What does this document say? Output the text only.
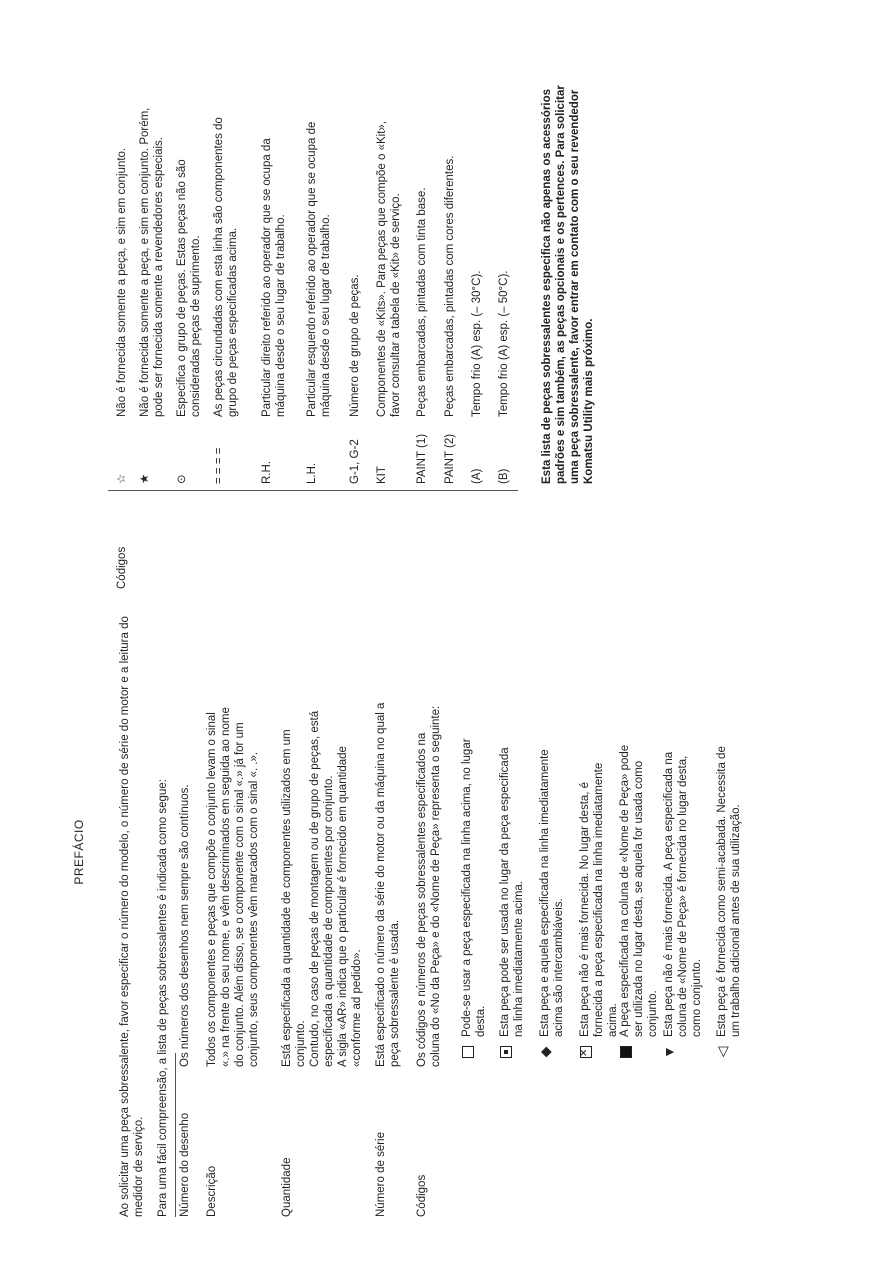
PREFÁCIO	Ao solicitar uma peça sobressalente, favor especificar o número do modelo, o número de série do motor e a leitura do medidor de serviço. Para uma fácil compreensão, a lista de peças sobressalentes é indicada como segue: Número do desenho
Os números dos desenhos nem sempre são contínuos.
Descrição
Todos os componentes e peças que compõe o conjunto levam o sinal «.» na frente do seu nome, e vêm descriminados em seguida ao nome do conjunto. Além disso, se o componente com o sinal «.» já for um conjunto, seus componentes vêm marcados com o sinal «. .».
Quantidade
Está especificada a quantidade de componentes utilizados em um conjunto. Contudo, no caso de peças de montagem ou de grupo de peças, está especificada a quantidade de componentes por conjunto. A sigla «AR» indica que o particular é fornecido em quantidade «conforme ad pedido».
Número de série
Está especificado o número da série do motor ou da máquina no qual a peça sobressalente é usada.
Códigos
Os códigos e números de peças sobressalentes especificados na coluna do «No da Peça» e do «Nome de Peça» representa o seguinte: Pode-se usar a peça especificada na linha acima, no lugar desta. Esta peça pode ser usada no lugar da peça especificada na linha imediatamente acima.
◆
Esta peça e aquela especificada na linha imediatamente acima são intercambiáveis.
✕ Esta peça não é mais fornecida. No lugar desta, é fornecida a peça especificada na linha imediatamente acima. A peça especificada na coluna de «Nome de Peça» pode ser utilizada no lugar desta, se aquela for usada como conjunto.
▼
Esta peça não é mais fornecida. A peça especificada na coluna de «Nome de Peça» é fornecida no lugar desta, como conjunto.
◁
Esta peça é fornecida como semi-acabada. Necessita de um trabalho adicional antes de sua utilização.
Códigos
☆
Não é fornecida somente a peça, e sim em conjunto.
★
Não é fornecida somente a peça, e sim em conjunto. Porém, pode ser fornecida somente a revendedores especiais.
⊙
Especifica o grupo de peças. Estas peças não são consideradas peças de suprimento.
= = = =
As peças circundadas com esta linha são componentes do grupo de peças especificadas acima.
R.H.
Particular direito referido ao operador que se ocupa da máquina desde o seu lugar de trabalho.
L.H.
Particular esquerdo referido ao operador que se ocupa de máquina desde o seu lugar de trabalho.
G-1, G-2
Número de grupo de peças.
KIT
Componentes de «Kits». Para peças que compõe o «Kit», favor consultar a tabela de «Kit» de serviço.
PAINT (1)
Peças embarcadas, pintadas com tinta base.
PAINT (2)
Peças embarcadas, pintadas com cores diferentes.
(A)
Tempo frio (A) esp. (– 30°C).
(B)
Tempo frio (A) esp. (– 50°C).	Esta lista de peças sobressalentes especifica não apenas os acessórios padrões e sim também, as peças opcionais e os pertences. Para solicitar uma peça sobressalente, favor entrar em contato com o seu revendedor Komatsu Utility mais próximo.
